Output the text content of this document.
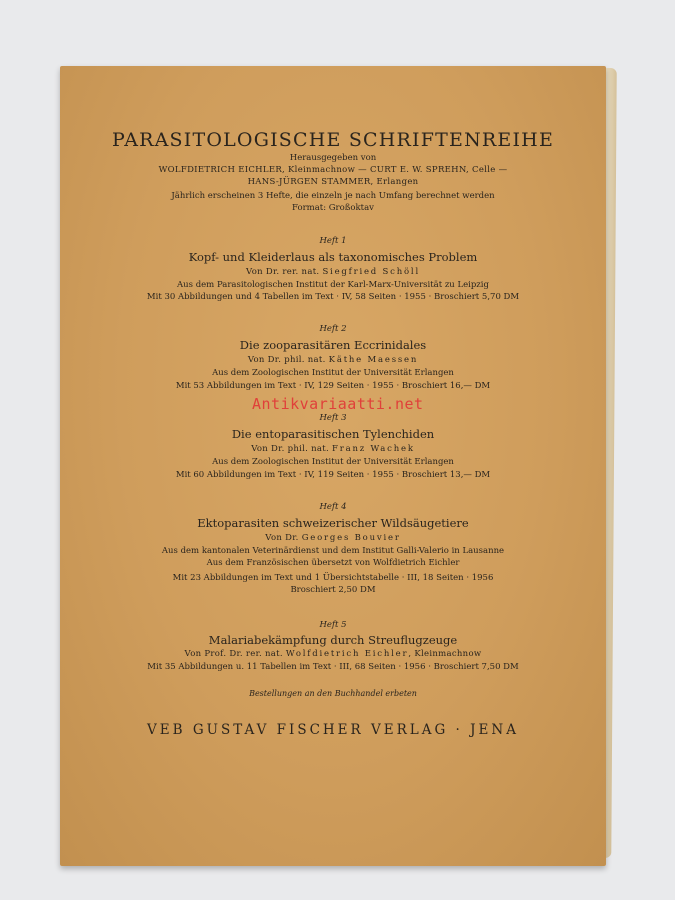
PARASITOLOGISCHE SCHRIFTENREIHE
Herausgegeben von
WOLFDIETRICH EICHLER, Kleinmachnow — CURT E. W. SPREHN, Celle —
HANS-JÜRGEN STAMMER, Erlangen
Jährlich erscheinen 3 Hefte, die einzeln je nach Umfang berechnet werden
Format: Großoktav
Heft 1
Kopf- und Kleiderlaus als taxonomisches Problem
Von Dr. rer. nat. Siegfried Schöll
Aus dem Parasitologischen Institut der Karl-Marx-Universität zu Leipzig
Mit 30 Abbildungen und 4 Tabellen im Text · IV, 58 Seiten · 1955 · Broschiert 5,70 DM
Heft 2
Die zooparasitären Eccrinidales
Von Dr. phil. nat. Käthe Maessen
Aus dem Zoologischen Institut der Universität Erlangen
Mit 53 Abbildungen im Text · IV, 129 Seiten · 1955 · Broschiert 16,— DM
Heft 3
Die entoparasitischen Tylenchiden
Von Dr. phil. nat. Franz Wachek
Aus dem Zoologischen Institut der Universität Erlangen
Mit 60 Abbildungen im Text · IV, 119 Seiten · 1955 · Broschiert 13,— DM
Heft 4
Ektoparasiten schweizerischer Wildsäugetiere
Von Dr. Georges Bouvier
Aus dem kantonalen Veterinärdienst und dem Institut Galli-Valerio in Lausanne
Aus dem Französischen übersetzt von Wolfdietrich Eichler
Mit 23 Abbildungen im Text und 1 Übersichtstabelle · III, 18 Seiten · 1956
Broschiert 2,50 DM
Heft 5
Malariabekämpfung durch Streuflugzeuge
Von Prof. Dr. rer. nat. Wolfdietrich Eichler, Kleinmachnow
Mit 35 Abbildungen u. 11 Tabellen im Text · III, 68 Seiten · 1956 · Broschiert 7,50 DM
Bestellungen an den Buchhandel erbeten
VEB GUSTAV FISCHER VERLAG · JENA
Antikvariaatti.net
